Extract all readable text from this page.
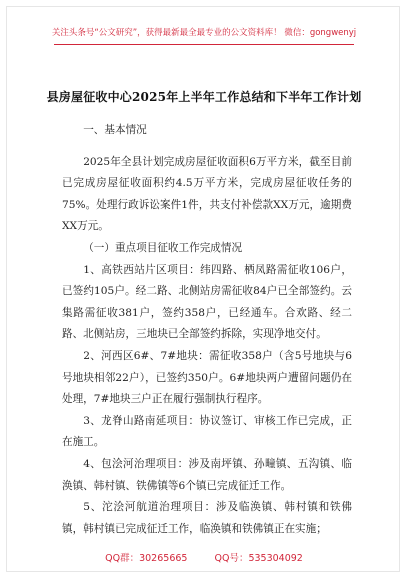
关注头条号“公文研究”，获得最新最全最专业的公文资料库！ 微信：gongwenyj
县房屋征收中心2025年上半年工作总结和下半年工作计划

一、基本情况

2025年全县计划完成房屋征收面积6万平方米，截至目前已完成房屋征收面积约4.5万平方米，完成房屋征收任务的75%。处理行政诉讼案件1件，共支付补偿款XX万元，逾期费XX万元。

（一）重点项目征收工作完成情况

1、高铁西站片区项目：纬四路、栖凤路需征收106户，已签约105户。经二路、北侧站房需征收84户已全部签约。云集路需征收381户，签约358户，已经通车。合欢路、经二路、北侧站房，三地块已全部签约拆除，实现净地交付。

2、河西区6#、7#地块：需征收358户（含5号地块与6号地块相邻22户），已签约350户。6#地块两户遭留问题仍在处理，7#地块三户正在履行强制执行程序。

3、龙脊山路南延项目：协议签订、审核工作已完成，正在施工。

4、包浍河治理项目：涉及南坪镇、孙疃镇、五沟镇、临涣镇、韩村镇、铁佛镇等6个镇已完成征迁工作。

5、沱浍河航道治理项目：涉及临涣镇、韩村镇和铁佛镇，韩村镇已完成征迁工作，临涣镇和铁佛镇正在实施；

QQ群：30265665	QQ号：535304092
